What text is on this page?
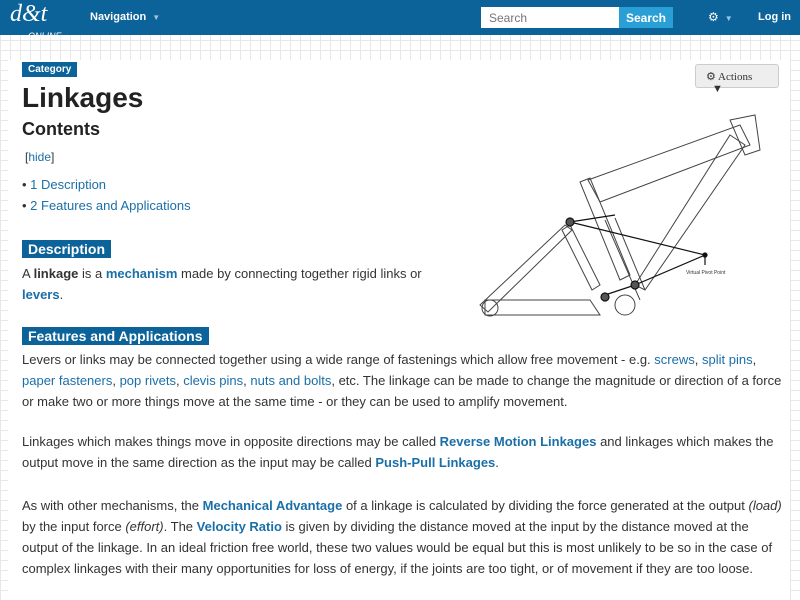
d&t
ONLINE
Navigation ▼
Search	Search	⚙ ▼ Log in
Category
⚙ Actions ▼
Linkages
Contents
[hide]
• 1 Description
• 2 Features and Applications
Virtual Pivot Point
Description

A linkage is a mechanism made by connecting together rigid links or levers.

Features and Applications

Levers or links may be connected together using a wide range of fastenings which allow free movement - e.g. screws, split pins, paper fasteners, pop rivets, clevis pins, nuts and bolts, etc. The linkage can be made to change the magnitude or direction of a force or make two or more things move at the same time - or they can be used to amplify movement.

Linkages which makes things move in opposite directions may be called Reverse Motion Linkages and linkages which makes the output move in the same direction as the input may be called Push-Pull Linkages.

As with other mechanisms, the Mechanical Advantage of a linkage is calculated by dividing the force generated at the output (load) by the input force (effort). The Velocity Ratio is given by dividing the distance moved at the input by the distance moved at the output of the linkage. In an ideal friction free world, these two values would be equal but this is most unlikely to be so in the case of complex linkages with their many opportunities for loss of energy, if the joints are too tight, or of movement if they are too loose.
